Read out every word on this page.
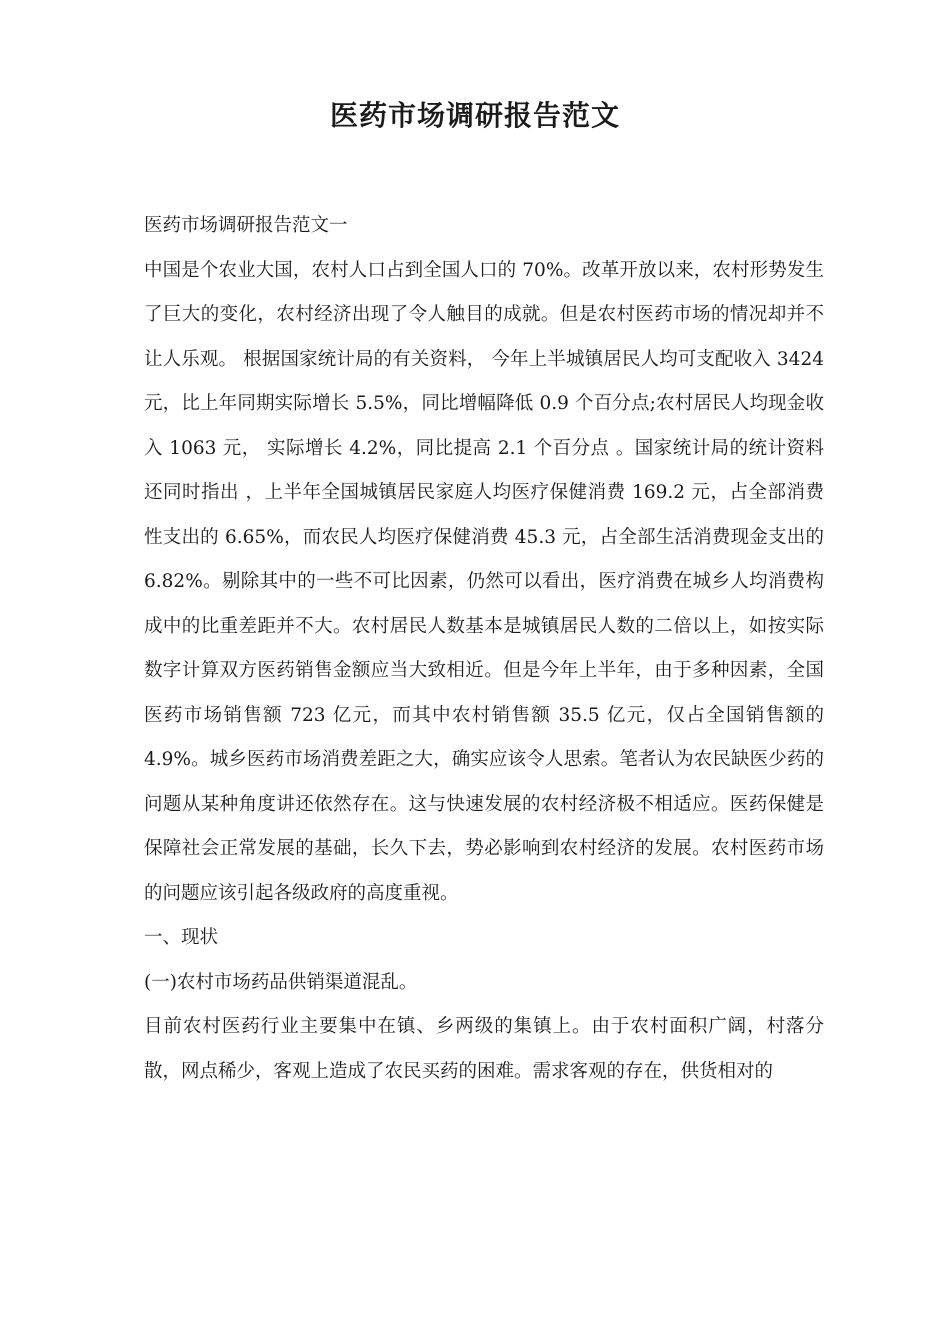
医药市场调研报告范文

医药市场调研报告范文一

中国是个农业大国，农村人口占到全国人口的 70%。改革开放以来，农村形势发生了巨大的变化，农村经济出现了令人触目的成就。但是农村医药市场的情况却并不让人乐观。 根据国家统计局的有关资料， 今年上半城镇居民人均可支配收入 3424 元，比上年同期实际增长 5.5%，同比增幅降低 0.9 个百分点;农村居民人均现金收入 1063 元， 实际增长 4.2%，同比提高 2.1 个百分点 。国家统计局的统计资料还同时指出 ，上半年全国城镇居民家庭人均医疗保健消费 169.2 元，占全部消费性支出的 6.65%，而农民人均医疗保健消费 45.3 元，占全部生活消费现金支出的 6.82%。剔除其中的一些不可比因素，仍然可以看出，医疗消费在城乡人均消费构成中的比重差距并不大。农村居民人数基本是城镇居民人数的二倍以上，如按实际数字计算双方医药销售金额应当大致相近。但是今年上半年，由于多种因素，全国医药市场销售额 723 亿元，而其中农村销售额 35.5 亿元，仅占全国销售额的 4.9%。城乡医药市场消费差距之大，确实应该令人思索。笔者认为农民缺医少药的问题从某种角度讲还依然存在。这与快速发展的农村经济极不相适应。医药保健是保障社会正常发展的基础，长久下去，势必影响到农村经济的发展。农村医药市场的问题应该引起各级政府的高度重视。

一、现状

(一)农村市场药品供销渠道混乱。

目前农村医药行业主要集中在镇、乡两级的集镇上。由于农村面积广阔，村落分散，网点稀少，客观上造成了农民买药的困难。需求客观的存在，供货相对的
